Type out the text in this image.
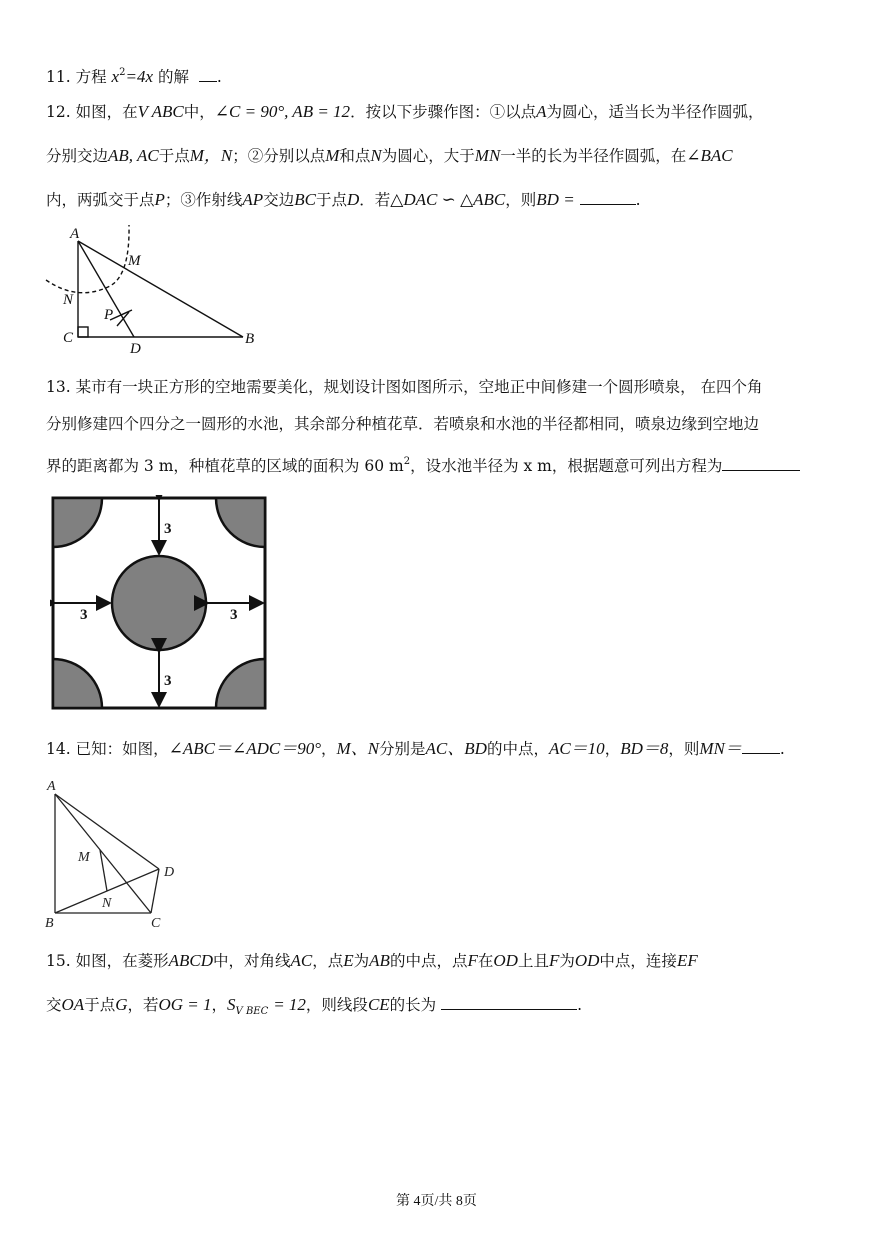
11. 方程 $x^2=4x$ 的解 .
12. 如图，在V ABC中，∠C = 90°, AB = 12．按以下步骤作图：①以点A为圆心，适当长为半径作圆弧，
分别交边AB, AC于点M，N；②分别以点M和点N为圆心，大于MN一半的长为半径作圆弧，在∠BAC
内，两弧交于点P；③作射线AP交边BC于点D．若△DAC ∽ △ABC，则BD =	.
A
M
N
P
C
D
B
13. 某市有一块正方形的空地需要美化，规划设计图如图所示，空地正中间修建一个圆形喷泉， 在四个角
分别修建四个四分之一圆形的水池，其余部分种植花草．若喷泉和水池的半径都相同，喷泉边缘到空地边
界的距离都为 3 m，种植花草的区域的面积为 60 $m^2$，设水池半径为 x m，根据题意可列出方程为
3
3	3
3
14. 已知：如图，∠ABC＝∠ADC＝90°，M、N分别是AC、BD的中点，AC＝10，BD＝8，则MN＝ .
A
M
N
D
B	C
15. 如图，在菱形ABCD中，对角线AC，点E为AB的中点，点F在OD上且F为OD中点，连接EF
交OA于点G，若OG = 1，$S_{V BEC} = 12$，则线段CE的长为	.
第 4页/共 8页
